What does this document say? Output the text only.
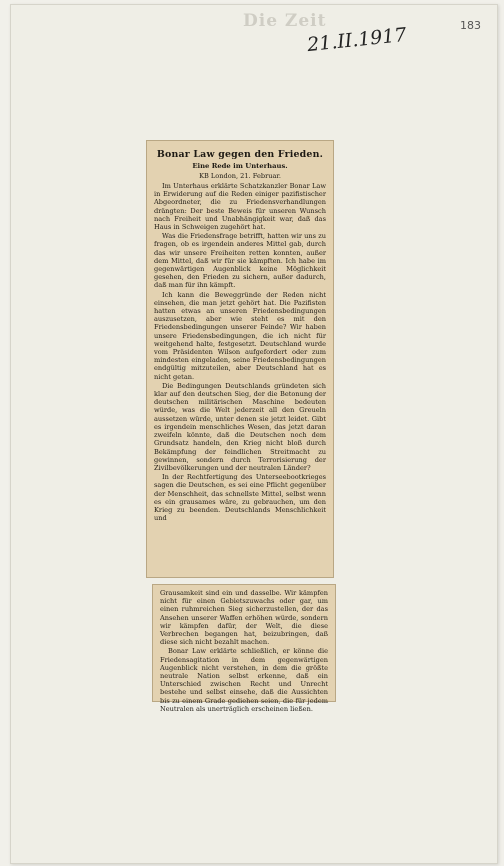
Die Zeit
21.II.1917	183
Bonar Law gegen den Frieden.
Eine Rede im Unterhaus.
KB London, 21. Februar.

Im Unterhaus erklärte Schatzkanzler Bonar Law in Erwiderung auf die Reden einiger pazifistischer Abgeordneter, die zu Friedensverhandlungen drängten: Der beste Beweis für unseren Wunsch nach Freiheit und Unabhängigkeit war, daß das Haus in Schweigen zugehört hat.

Was die Friedensfrage betrifft, hatten wir uns zu fragen, ob es irgendein anderes Mittel gab, durch das wir unsere Freiheiten retten konnten, außer dem Mittel, daß wir für sie kämpften. Ich habe im gegenwärtigen Augenblick keine Möglichkeit gesehen, den Frieden zu sichern, außer dadurch, daß man für ihn kämpft.

Ich kann die Beweggründe der Reden nicht einsehen, die man jetzt gehört hat. Die Pazifisten hatten etwas an unseren Friedensbedingungen auszusetzen, aber wie steht es mit den Friedensbedingungen unserer Feinde? Wir haben unsere Friedensbedingungen, die ich nicht für weitgehend halte, festgesetzt. Deutschland wurde vom Präsidenten Wilson aufgefordert oder zum mindesten eingeladen, seine Friedensbedingungen endgültig mitzuteilen, aber Deutschland hat es nicht getan.

Die Bedingungen Deutschlands gründeten sich klar auf den deutschen Sieg, der die Betonung der deutschen militärischen Maschine bedeuten würde, was die Welt jederzeit all den Greueln aussetzen würde, unter denen sie jetzt leidet. Gibt es irgendein menschliches Wesen, das jetzt daran zweifeln könnte, daß die Deutschen noch dem Grundsatz handeln, den Krieg nicht bloß durch Bekämpfung der feindlichen Streitmacht zu gewinnen, sondern durch Terrorisierung der Zivilbevölkerungen und der neutralen Länder?

In der Rechtfertigung des Unterseebootkrieges sagen die Deutschen, es sei eine Pflicht gegenüber der Menschheit, das schnellste Mittel, selbst wenn es ein grausames wäre, zu gebrauchen, um den Krieg zu beenden. Deutschlands Menschlichkeit und

Grausamkeit sind ein und dasselbe. Wir kämpfen nicht für einen Gebietszuwachs oder gar, um einen ruhmreichen Sieg sicherzustellen, der das Ansehen unserer Waffen erhöhen würde, sondern wir kämpfen dafür, der Welt, die diese Verbrechen begangen hat, beizubringen, daß diese sich nicht bezahlt machen.

Bonar Law erklärte schließlich, er könne die Friedensagitation in dem gegenwärtigen Augenblick nicht verstehen, in dem die größte neutrale Nation selbst erkenne, daß ein Unterschied zwischen Recht und Unrecht bestehe und selbst einsehe, daß die Aussichten bis zu einem Grade gediehen seien, die für jedem Neutralen als unerträglich erscheinen ließen.
